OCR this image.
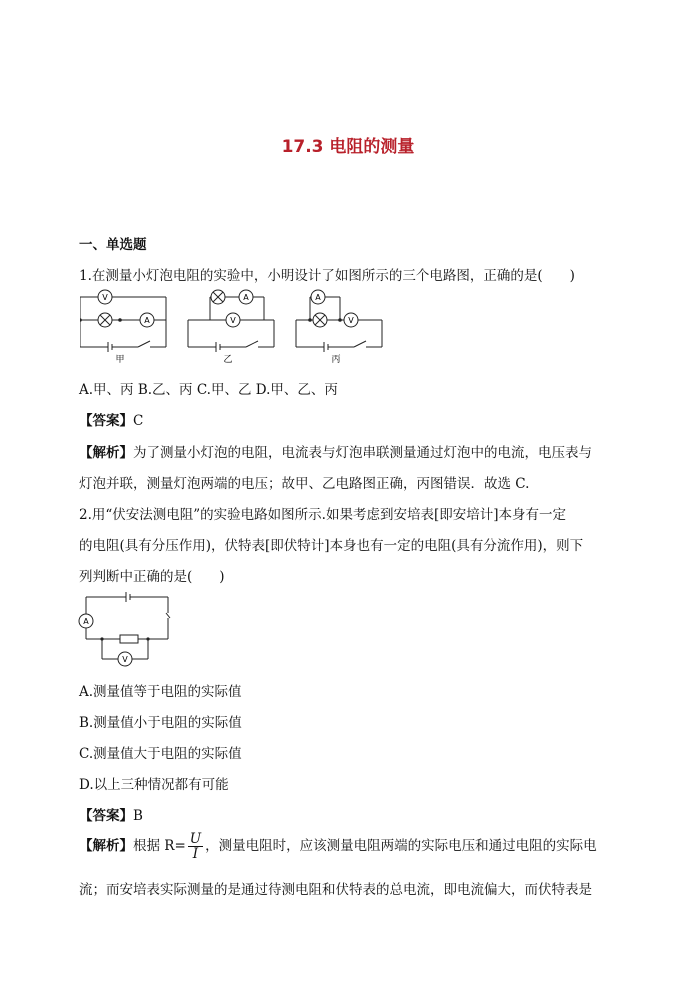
17.3 电阻的测量
一、单选题
1.在测量小灯泡电阻的实验中，小明设计了如图所示的三个电路图，正确的是(　　)
V
A
甲
A
V
乙
A
V
丙
A.甲、丙 B.乙、丙 C.甲、乙 D.甲、乙、丙
【答案】C
【解析】为了测量小灯泡的电阻，电流表与灯泡串联测量通过灯泡中的电流，电压表与
灯泡并联，测量灯泡两端的电压；故甲、乙电路图正确，丙图错误．故选 C.
2.用“伏安法测电阻”的实验电路如图所示.如果考虑到安培表[即安培计]本身有一定
的电阻(具有分压作用)，伏特表[即伏特计]本身也有一定的电阻(具有分流作用)，则下
列判断中正确的是(　　)
A
V
A.测量值等于电阻的实际值
B.测量值小于电阻的实际值
C.测量值大于电阻的实际值
D.以上三种情况都有可能
【答案】B
【解析】根据 $R= \frac{U}{I}$ ，测量电阻时，应该测量电阻两端的实际电压和通过电阻的实际电
流；而安培表实际测量的是通过待测电阻和伏特表的总电流，即电流偏大，而伏特表是
